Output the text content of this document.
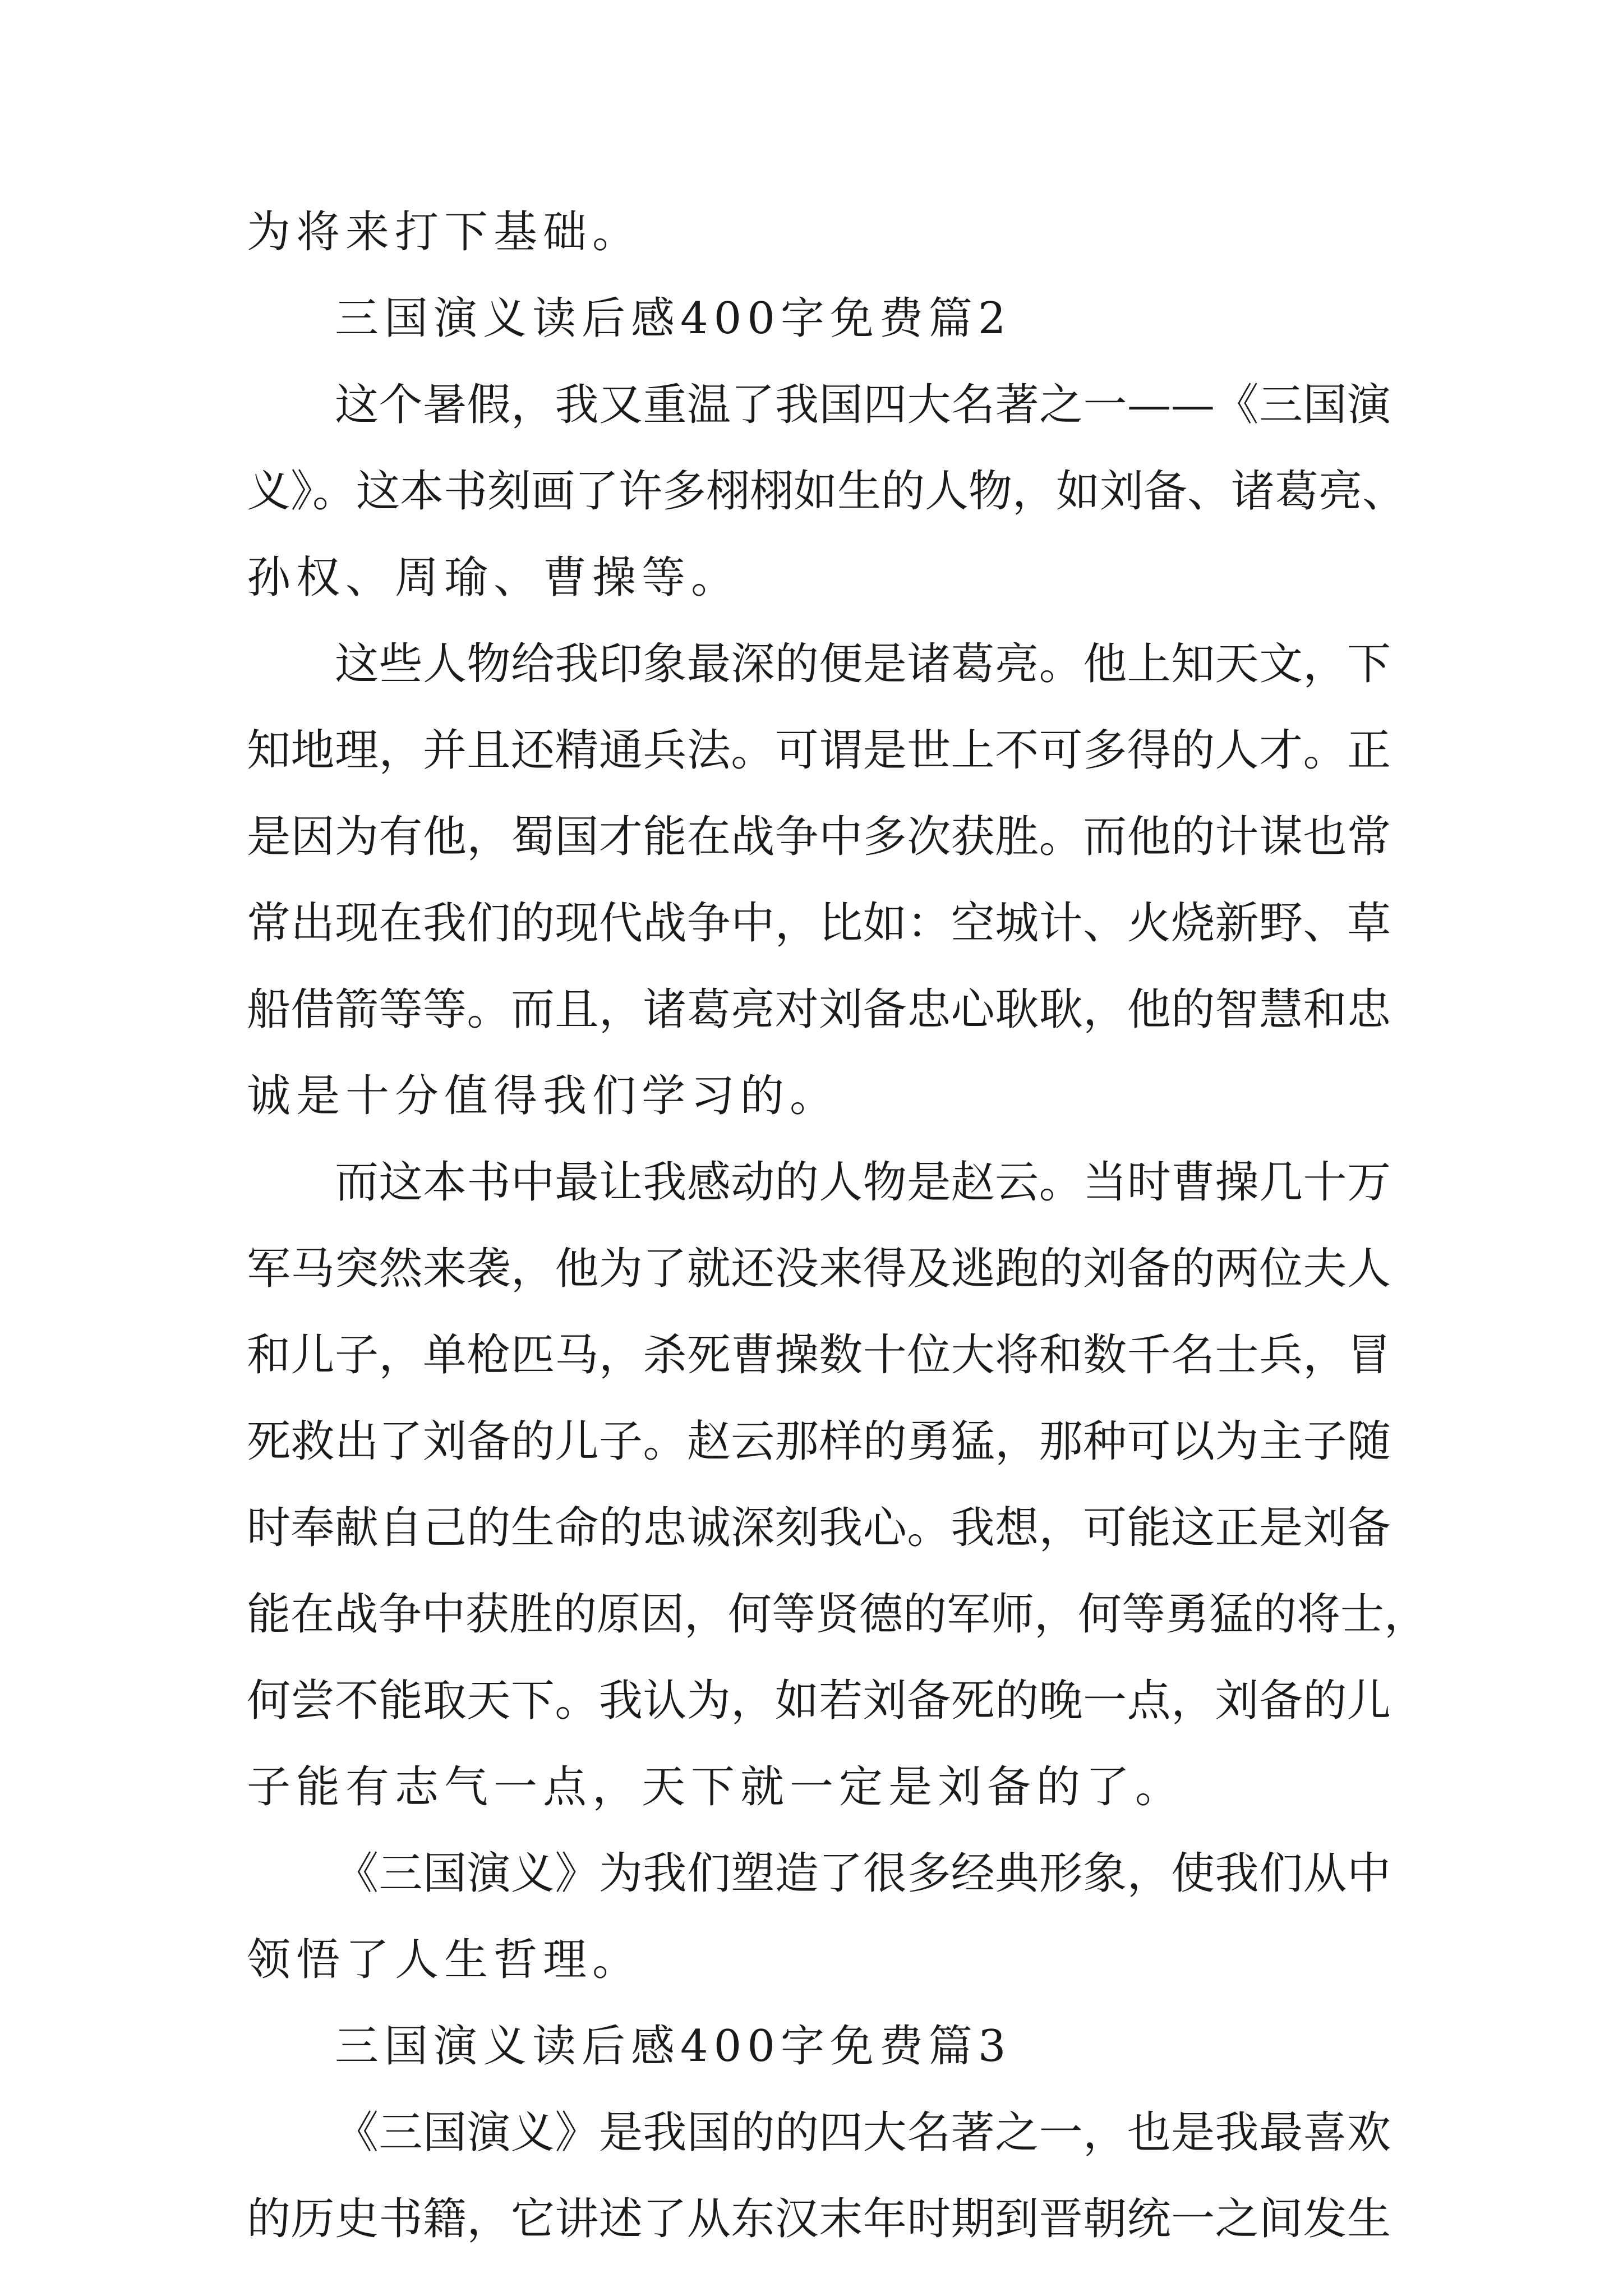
为将来打下基础。

三国演义读后感400字免费篇2

这个暑假，我又重温了我国四大名著之一——《三国演

义》。这本书刻画了许多栩栩如生的人物，如刘备、诸葛亮、

孙权、周瑜、曹操等。

这些人物给我印象最深的便是诸葛亮。他上知天文，下

知地理，并且还精通兵法。可谓是世上不可多得的人才。正

是因为有他，蜀国才能在战争中多次获胜。而他的计谋也常

常出现在我们的现代战争中，比如：空城计、火烧新野、草

船借箭等等。而且，诸葛亮对刘备忠心耿耿，他的智慧和忠

诚是十分值得我们学习的。

而这本书中最让我感动的人物是赵云。当时曹操几十万

军马突然来袭，他为了就还没来得及逃跑的刘备的两位夫人

和儿子，单枪匹马，杀死曹操数十位大将和数千名士兵，冒

死救出了刘备的儿子。赵云那样的勇猛，那种可以为主子随

时奉献自己的生命的忠诚深刻我心。我想，可能这正是刘备

能在战争中获胜的原因，何等贤德的军师，何等勇猛的将士，

何尝不能取天下。我认为，如若刘备死的晚一点，刘备的儿

子能有志气一点，天下就一定是刘备的了。

《三国演义》为我们塑造了很多经典形象，使我们从中

领悟了人生哲理。

三国演义读后感400字免费篇3

《三国演义》是我国的的四大名著之一，也是我最喜欢

的历史书籍，它讲述了从东汉末年时期到晋朝统一之间发生
